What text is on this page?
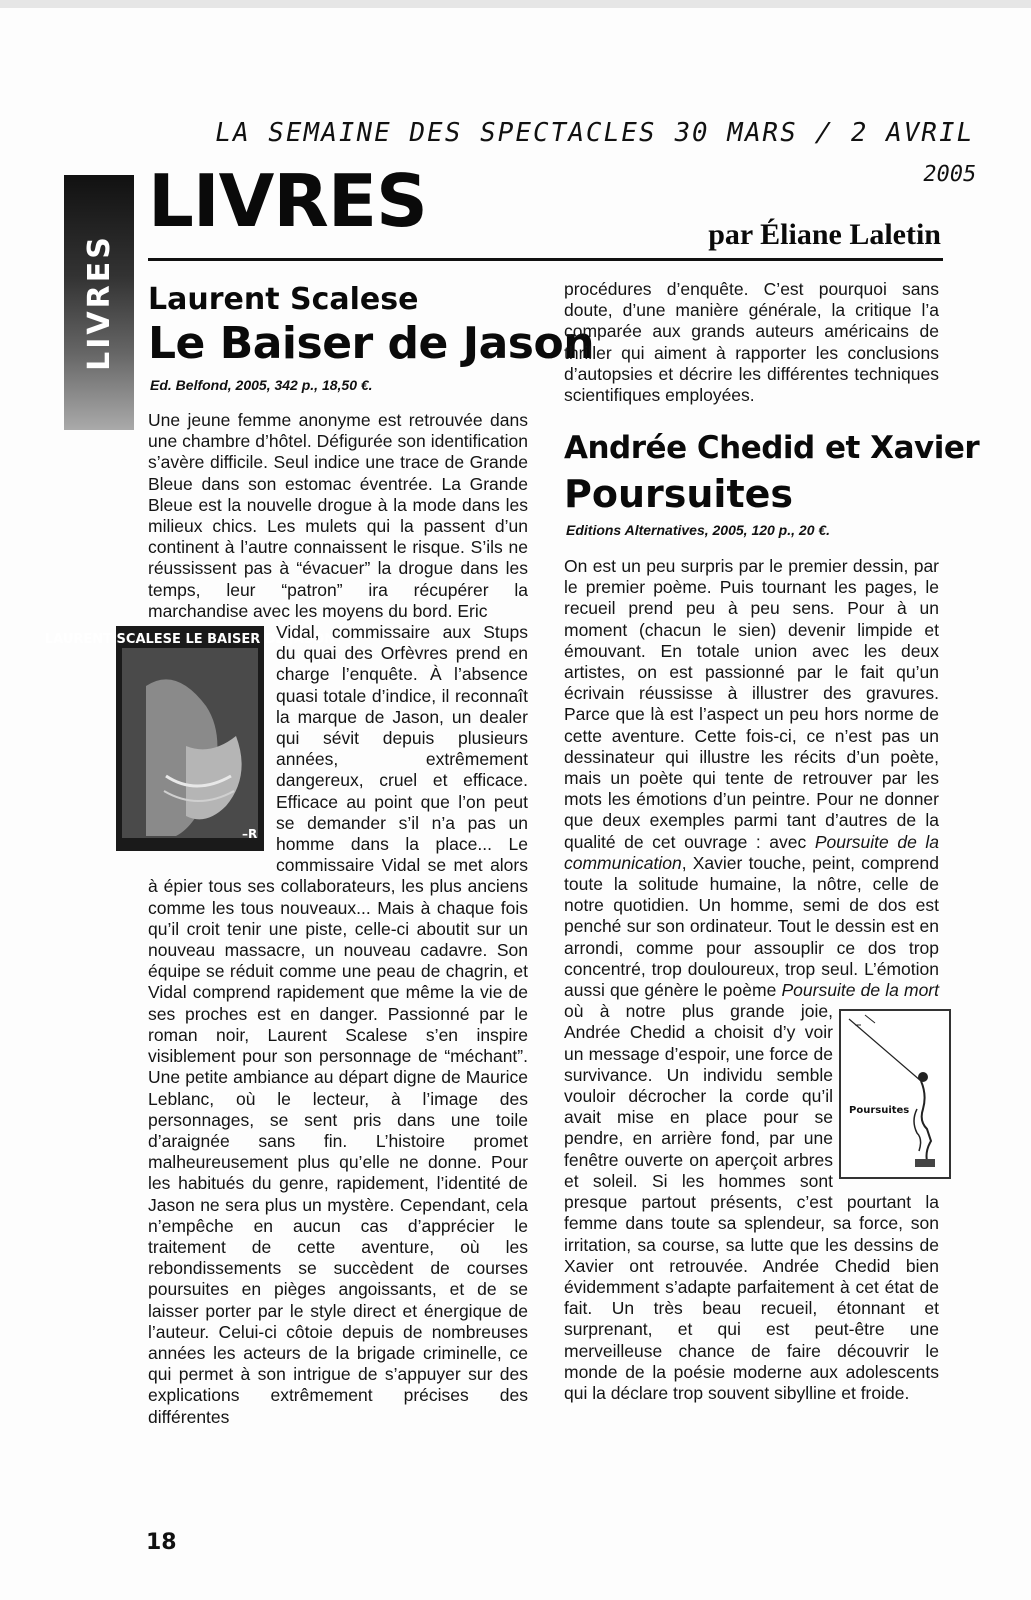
LA SEMAINE DES SPECTACLES 30 MARS / 2 AVRIL
2005
LIVRES
LIVRES	par Éliane Laletin
Laurent Scalese
Le Baiser de Jason
Ed. Belfond, 2005, 342 p., 18,50 €.

Une jeune femme anonyme est retrouvée dans une chambre d’hôtel. Défigurée son identification s’avère difficile. Seul indice une trace de Grande Bleue dans son estomac éventrée. La Grande Bleue est la nouvelle drogue à la mode dans les milieux chics. Les mulets qui la passent d’un continent à l’autre connaissent le risque. S’ils ne réussissent pas à “évacuer” la drogue dans les temps, leur “patron” ira récupérer la marchandise avec les moyens du bord. Eric

LAURENT SCALESE LE BAISER DE JASON
–R

Vidal, commissaire aux Stups du quai des Orfèvres prend en charge l’enquête. À l’absence quasi totale d’indice, il reconnaît la marque de Jason, un dealer qui sévit depuis plusieurs années, extrêmement dangereux, cruel et efficace. Efficace au point que l’on peut se demander s’il n’a pas un homme dans la place... Le commissaire Vidal se met alors à épier tous ses collaborateurs, les plus anciens comme les tous nouveaux... Mais à chaque fois qu’il croit tenir une piste, celle-ci aboutit sur un nouveau massacre, un nouveau cadavre. Son équipe se réduit comme une peau de chagrin, et Vidal comprend rapidement que même la vie de ses proches est en danger. Passionné par le roman noir, Laurent Scalese s’en inspire visiblement pour son personnage de “méchant”. Une petite ambiance au départ digne de Maurice Leblanc, où le lecteur, à l’image des personnages, se sent pris dans une toile d’araignée sans fin. L’histoire promet malheureusement plus qu’elle ne donne. Pour les habitués du genre, rapidement, l’identité de Jason ne sera plus un mystère. Cependant, cela n’empêche en aucun cas d’apprécier le traitement de cette aventure, où les rebondissements se succèdent de courses poursuites en pièges angoissants, et de se laisser porter par le style direct et énergique de l’auteur. Celui-ci côtoie depuis de nombreuses années les acteurs de la brigade criminelle, ce qui permet à son intrigue de s’appuyer sur des explications extrêmement précises des différentes

procédures d’enquête. C’est pourquoi sans doute, d’une manière générale, la critique l’a comparée aux grands auteurs américains de thriller qui aiment à rapporter les conclusions d’autopsies et décrire les différentes techniques scientifiques employées.

Andrée Chedid et Xavier
Poursuites
Editions Alternatives, 2005, 120 p., 20 €.

On est un peu surpris par le premier dessin, par le premier poème. Puis tournant les pages, le recueil prend peu à peu sens. Pour à un moment (chacun le sien) devenir limpide et émouvant. En totale union avec les deux artistes, on est passionné par le fait qu’un écrivain réussisse à illustrer des gravures. Parce que là est l’aspect un peu hors norme de cette aventure. Cette fois-ci, ce n’est pas un dessinateur qui illustre les récits d’un poète, mais un poète qui tente de retrouver par les mots les émotions d’un peintre. Pour ne donner que deux exemples parmi tant d’autres de la qualité de cet ouvrage : avec Poursuite de la communication, Xavier touche, peint, comprend toute la solitude humaine, la nôtre, celle de notre quotidien. Un homme, semi de dos est penché sur son ordinateur. Tout le dessin est en arrondi, comme pour assouplir ce dos trop concentré, trop douloureux, trop seul. L’émotion aussi que génère le poème Poursuite de la mort
Poursuites
où à notre plus grande joie, Andrée Chedid a choisit d’y voir un message d’espoir, une force de survivance. Un individu semble vouloir décrocher la corde qu’il avait mise en place pour se pendre, en arrière fond, par une fenêtre ouverte on aperçoit arbres et soleil. Si les hommes sont presque partout présents, c’est pourtant la femme dans toute sa splendeur, sa force, son irritation, sa course, sa lutte que les dessins de Xavier ont retrouvée. Andrée Chedid bien évidemment s’adapte parfaitement à cet état de fait. Un très beau recueil, étonnant et surprenant, et qui est peut-être une merveilleuse chance de faire découvrir le monde de la poésie moderne aux adolescents qui la déclare trop souvent sibylline et froide.

18
